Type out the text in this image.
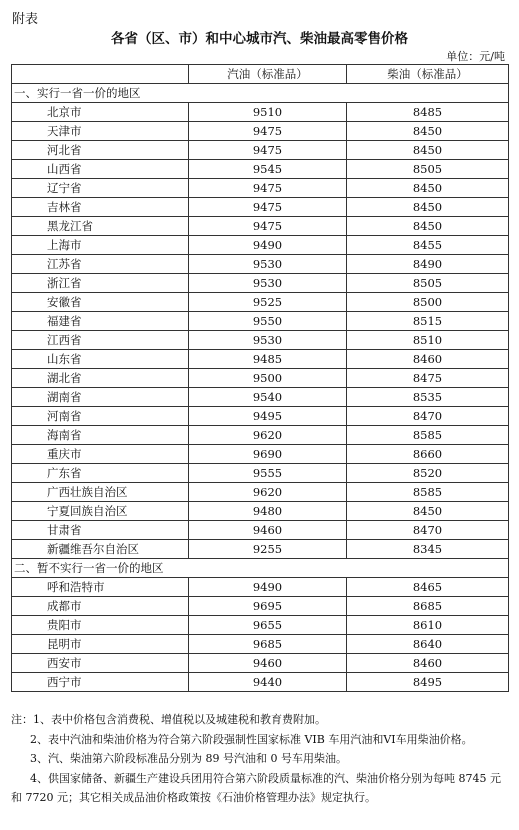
附表
各省（区、市）和中心城市汽、柴油最高零售价格
单位：元/吨
	汽油（标准品）	柴油（标准品）
一、实行一省一价的地区		
北京市	9510	8485
天津市	9475	8450
河北省	9475	8450
山西省	9545	8505
辽宁省	9475	8450
吉林省	9475	8450
黑龙江省	9475	8450
上海市	9490	8455
江苏省	9530	8490
浙江省	9530	8505
安徽省	9525	8500
福建省	9550	8515
江西省	9530	8510
山东省	9485	8460
湖北省	9500	8475
湖南省	9540	8535
河南省	9495	8470
海南省	9620	8585
重庆市	9690	8660
广东省	9555	8520
广西壮族自治区	9620	8585
宁夏回族自治区	9480	8450
甘肃省	9460	8470
新疆维吾尔自治区	9255	8345
二、暂不实行一省一价的地区		
呼和浩特市	9490	8465
成都市	9695	8685
贵阳市	9655	8610
昆明市	9685	8640
西安市	9460	8460
西宁市	9440	8495

注：1、表中价格包含消费税、增值税以及城建税和教育费附加。

2、表中汽油和柴油价格为符合第六阶段强制性国家标准 VIB 车用汽油和VI车用柴油价格。

3、汽、柴油第六阶段标准品分别为 89 号汽油和 0 号车用柴油。

4、供国家储备、新疆生产建设兵团用符合第六阶段质量标准的汽、柴油价格分别为每吨 8745 元和 7720 元；其它相关成品油价格政策按《石油价格管理办法》规定执行。
